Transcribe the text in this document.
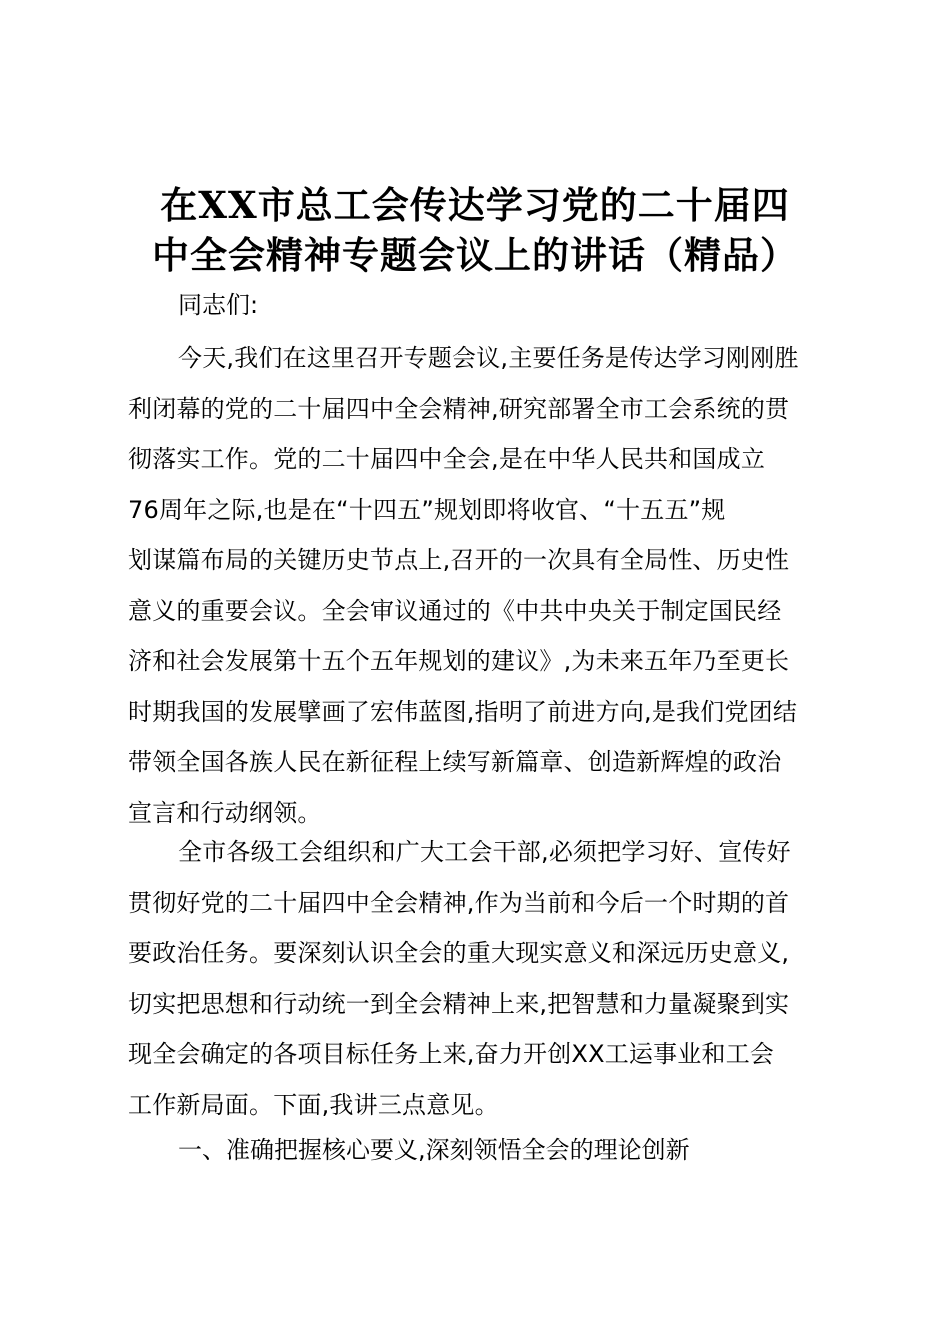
在XX市总工会传达学习党的二十届四
中全会精神专题会议上的讲话（精品）

同志们:

今天,我们在这里召开专题会议,主要任务是传达学习刚刚胜
利闭幕的党的二十届四中全会精神,研究部署全市工会系统的贯
彻落实工作。党的二十届四中全会,是在中华人民共和国成立
76周年之际,也是在“十四五”规划即将收官、“十五五”规
划谋篇布局的关键历史节点上,召开的一次具有全局性、历史性
意义的重要会议。全会审议通过的《中共中央关于制定国民经
济和社会发展第十五个五年规划的建议》,为未来五年乃至更长
时期我国的发展擘画了宏伟蓝图,指明了前进方向,是我们党团结
带领全国各族人民在新征程上续写新篇章、创造新辉煌的政治
宣言和行动纲领。

全市各级工会组织和广大工会干部,必须把学习好、宣传好
贯彻好党的二十届四中全会精神,作为当前和今后一个时期的首
要政治任务。要深刻认识全会的重大现实意义和深远历史意义,
切实把思想和行动统一到全会精神上来,把智慧和力量凝聚到实
现全会确定的各项目标任务上来,奋力开创XX工运事业和工会
工作新局面。下面,我讲三点意见。

一、准确把握核心要义,深刻领悟全会的理论创新
